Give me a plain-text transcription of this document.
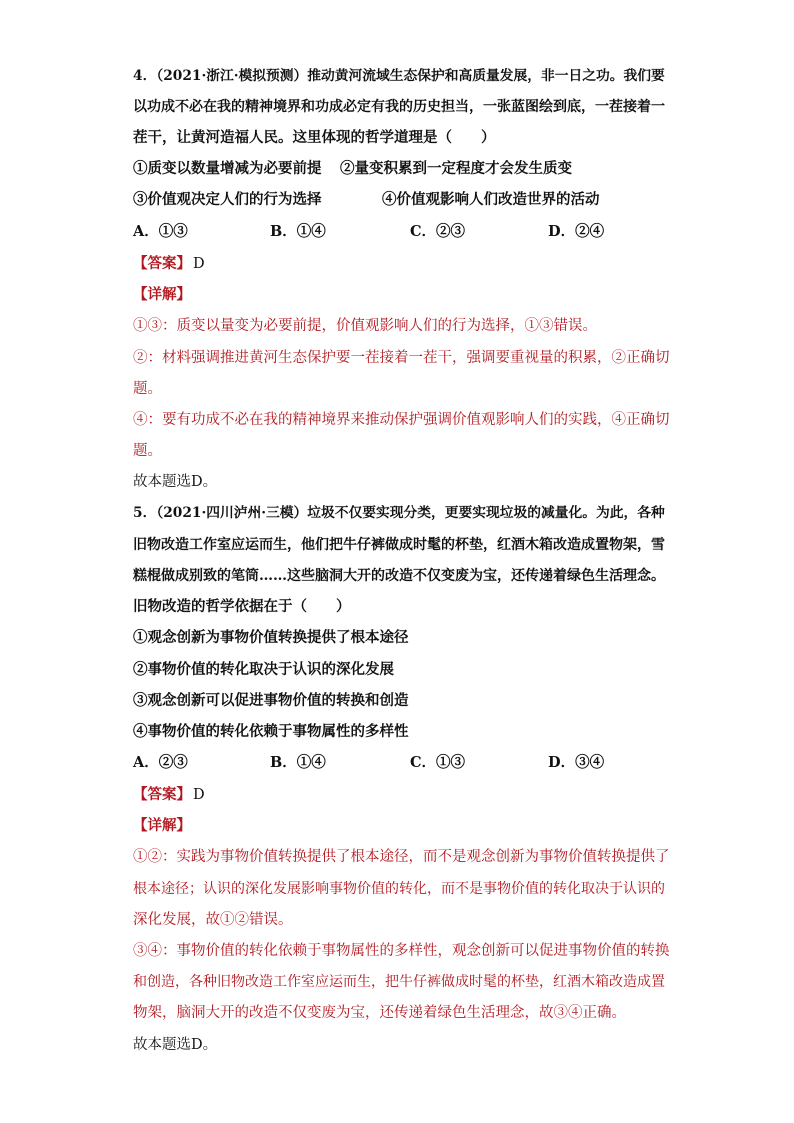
4．（2021·浙江·模拟预测）推动黄河流域生态保护和高质量发展，非一日之功。我们要
以功成不必在我的精神境界和功成必定有我的历史担当，一张蓝图绘到底，一茬接着一
茬干，让黄河造福人民。这里体现的哲学道理是（　　）
①质变以数量增减为必要前提 ②量变积累到一定程度才会发生质变
③价值观决定人们的行为选择	④价值观影响人们改造世界的活动
A．①③	B．①④	C．②③	D．②④
【答案】 D
【详解】
①③：质变以量变为必要前提，价值观影响人们的行为选择，①③错误。
②：材料强调推进黄河生态保护要一茬接着一茬干，强调要重视量的积累，②正确切
题。
④：要有功成不必在我的精神境界来推动保护强调价值观影响人们的实践，④正确切
题。
故本题选D。
5．（2021·四川泸州·三模）垃圾不仅要实现分类，更要实现垃圾的减量化。为此，各种
旧物改造工作室应运而生，他们把牛仔裤做成时髦的杯垫，红酒木箱改造成置物架，雪
糕棍做成别致的笔筒……这些脑洞大开的改造不仅变废为宝，还传递着绿色生活理念。
旧物改造的哲学依据在于（　　）
①观念创新为事物价值转换提供了根本途径
②事物价值的转化取决于认识的深化发展
③观念创新可以促进事物价值的转换和创造
④事物价值的转化依赖于事物属性的多样性
A．②③	B．①④	C．①③	D．③④
【答案】 D
【详解】
①②：实践为事物价值转换提供了根本途径，而不是观念创新为事物价值转换提供了
根本途径；认识的深化发展影响事物价值的转化，而不是事物价值的转化取决于认识的
深化发展，故①②错误。
③④：事物价值的转化依赖于事物属性的多样性，观念创新可以促进事物价值的转换
和创造，各种旧物改造工作室应运而生，把牛仔裤做成时髦的杯垫，红酒木箱改造成置
物架，脑洞大开的改造不仅变废为宝，还传递着绿色生活理念，故③④正确。
故本题选D。
